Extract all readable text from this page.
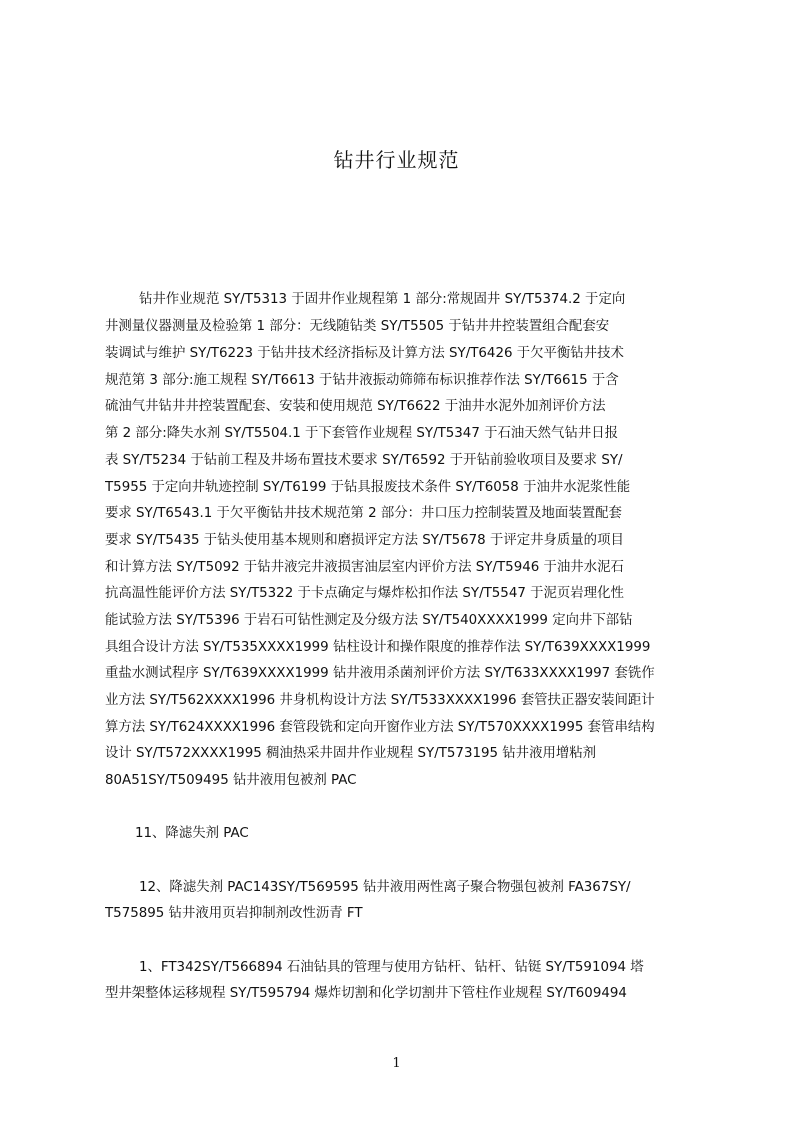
钻井行业规范
钻井作业规范 SY/T5313 于固井作业规程第 1 部分:常规固井 SY/T5374.2 于定向
井测量仪器测量及检验第 1 部分：无线随钻类 SY/T5505 于钻井井控装置组合配套安
装调试与维护 SY/T6223 于钻井技术经济指标及计算方法 SY/T6426 于欠平衡钻井技术
规范第 3 部分:施工规程 SY/T6613 于钻井液振动筛筛布标识推荐作法 SY/T6615 于含
硫油气井钻井井控装置配套、安装和使用规范 SY/T6622 于油井水泥外加剂评价方法
第 2 部分:降失水剂 SY/T5504.1 于下套管作业规程 SY/T5347 于石油天然气钻井日报
表 SY/T5234 于钻前工程及井场布置技术要求 SY/T6592 于开钻前验收项目及要求 SY/
T5955 于定向井轨迹控制 SY/T6199 于钻具报废技术条件 SY/T6058 于油井水泥浆性能
要求 SY/T6543.1 于欠平衡钻井技术规范第 2 部分：井口压力控制装置及地面装置配套
要求 SY/T5435 于钻头使用基本规则和磨损评定方法 SY/T5678 于评定井身质量的项目
和计算方法 SY/T5092 于钻井液完井液损害油层室内评价方法 SY/T5946 于油井水泥石
抗高温性能评价方法 SY/T5322 于卡点确定与爆炸松扣作法 SY/T5547 于泥页岩理化性
能试验方法 SY/T5396 于岩石可钻性测定及分级方法 SY/T540XXXX1999 定向井下部钻
具组合设计方法 SY/T535XXXX1999 钻柱设计和操作限度的推荐作法 SY/T639XXXX1999
重盐水测试程序 SY/T639XXXX1999 钻井液用杀菌剂评价方法 SY/T633XXXX1997 套铣作
业方法 SY/T562XXXX1996 井身机构设计方法 SY/T533XXXX1996 套管扶正器安装间距计
算方法 SY/T624XXXX1996 套管段铣和定向开窗作业方法 SY/T570XXXX1995 套管串结构
设计 SY/T572XXXX1995 稠油热采井固井作业规程 SY/T573195 钻井液用增粘剂
80A51SY/T509495 钻井液用包被剂 PAC
11、降滤失剂 PAC
12、降滤失剂 PAC143SY/T569595 钻井液用两性离子聚合物强包被剂 FA367SY/
T575895 钻井液用页岩抑制剂改性沥青 FT
1、FT342SY/T566894 石油钻具的管理与使用方钻杆、钻杆、钻铤 SY/T591094 塔
型井架整体运移规程 SY/T595794 爆炸切割和化学切割井下管柱作业规程 SY/T609494
1
